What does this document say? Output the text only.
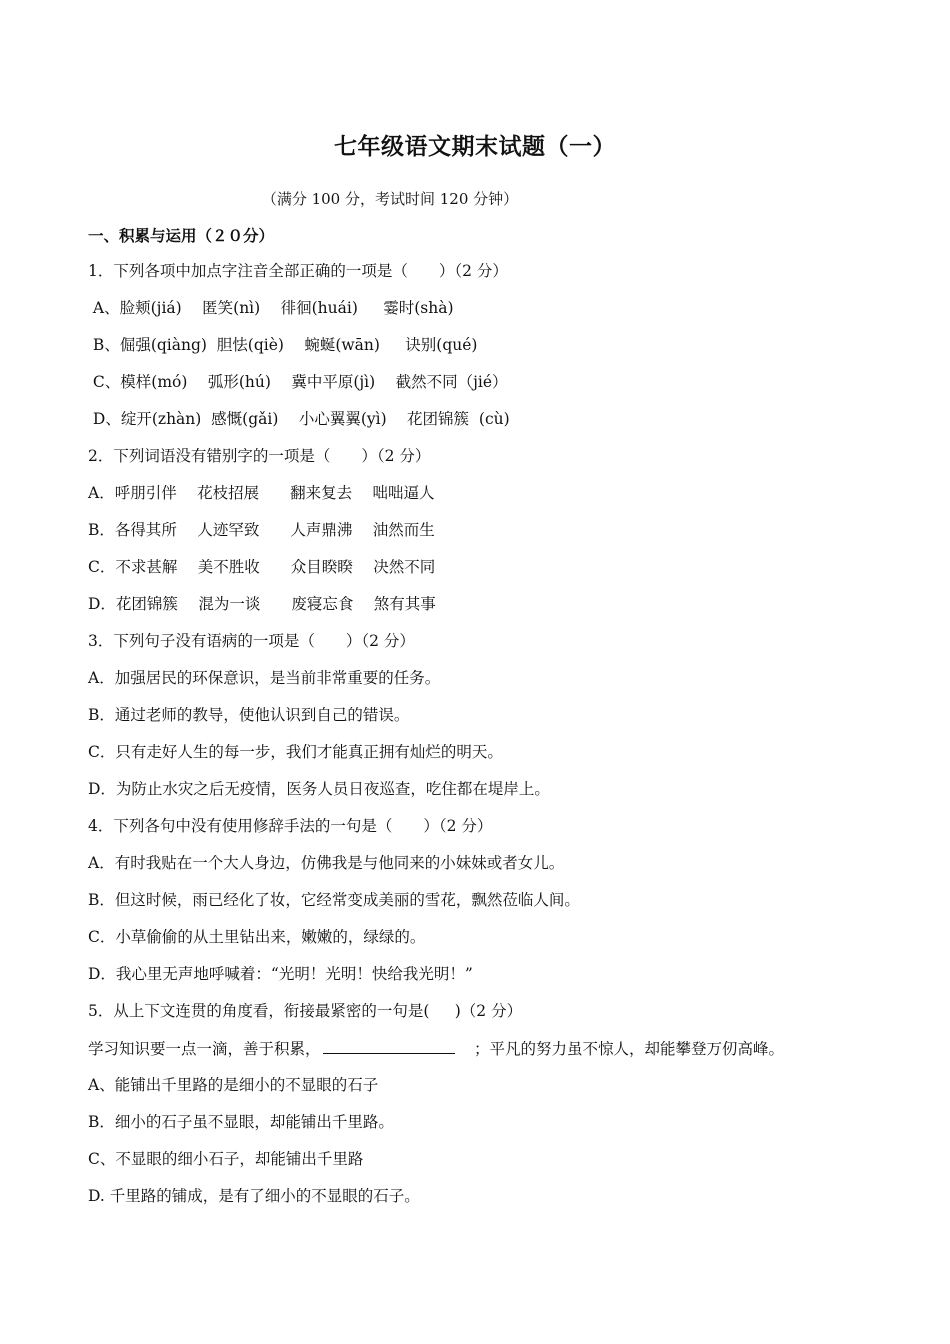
七年级语文期末试题（一）
（满分 100 分，考试时间 120 分钟）
一、积累与运用（２０分）
1．下列各项中加点字注音全部正确的一项是（　　）（2 分）
A、脸颊(jiá)　 匿笑(nì)　 徘徊(huái)　  霎时(shà)
B、倔强(qiàng)  胆怯(qiè)　 蜿蜒(wān)　  诀别(qué)
C、模样(mó)　 弧形(hú)　 冀中平原(jì)　 截然不同（jié）
D、绽开(zhàn)  感慨(gǎi)　 小心翼翼(yì)　 花团锦簇  (cù)
2．下列词语没有错别字的一项是（　　）（2 分）
A．呼朋引伴　 花枝招展　　翻来复去　 咄咄逼人
B．各得其所　 人迹罕致　　人声鼎沸　 油然而生
C．不求甚解　 美不胜收　　众目睽睽　 决然不同
D．花团锦簇　 混为一谈　　废寝忘食　 煞有其事
3．下列句子没有语病的一项是（　　）（2 分）
A．加强居民的环保意识，是当前非常重要的任务。
B．通过老师的教导，使他认识到自己的错误。
C．只有走好人生的每一步，我们才能真正拥有灿烂的明天。
D．为防止水灾之后无疫情，医务人员日夜巡查，吃住都在堤岸上。
4．下列各句中没有使用修辞手法的一句是（　　）（2 分）
A．有时我贴在一个大人身边，仿佛我是与他同来的小妹妹或者女儿。
B．但这时候，雨已经化了妆，它经常变成美丽的雪花，飘然莅临人间。
C．小草偷偷的从土里钻出来，嫩嫩的，绿绿的。
D．我心里无声地呼喊着：“光明！光明！快给我光明！”
5．从上下文连贯的角度看，衔接最紧密的一句是(　  )（2 分）
学习知识要一点一滴，善于积累，	　；平凡的努力虽不惊人，却能攀登万仞高峰。
A、能铺出千里路的是细小的不显眼的石子
B．细小的石子虽不显眼，却能铺出千里路。
C、不显眼的细小石子，却能铺出千里路
D. 千里路的铺成，是有了细小的不显眼的石子。
